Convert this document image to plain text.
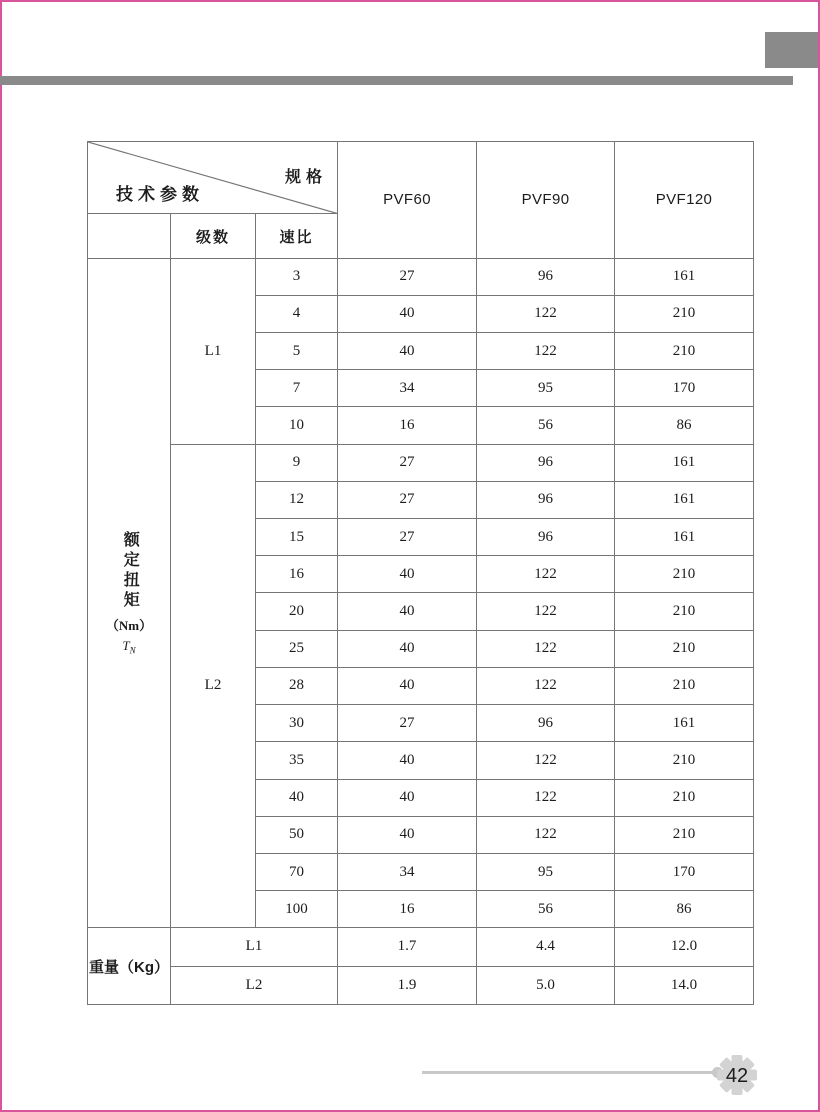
技术参数
规格			PVF60	PVF90	PVF120
	级数	速比			

额定扭矩
（Nm）
$T_N$	L1	3	27	96	161
		4	40	122	210
		5	40	122	210
		7	34	95	170
		10	16	56	86
	L2	9	27	96	161
		12	27	96	161
		15	27	96	161
		16	40	122	210
		20	40	122	210
		25	40	122	210
		28	40	122	210
		30	27	96	161
		35	40	122	210
		40	40	122	210
		50	40	122	210
		70	34	95	170
		100	16	56	86
重量（Kg）	L1		1.7	4.4	12.0
	L2		1.9	5.0	14.0
42
